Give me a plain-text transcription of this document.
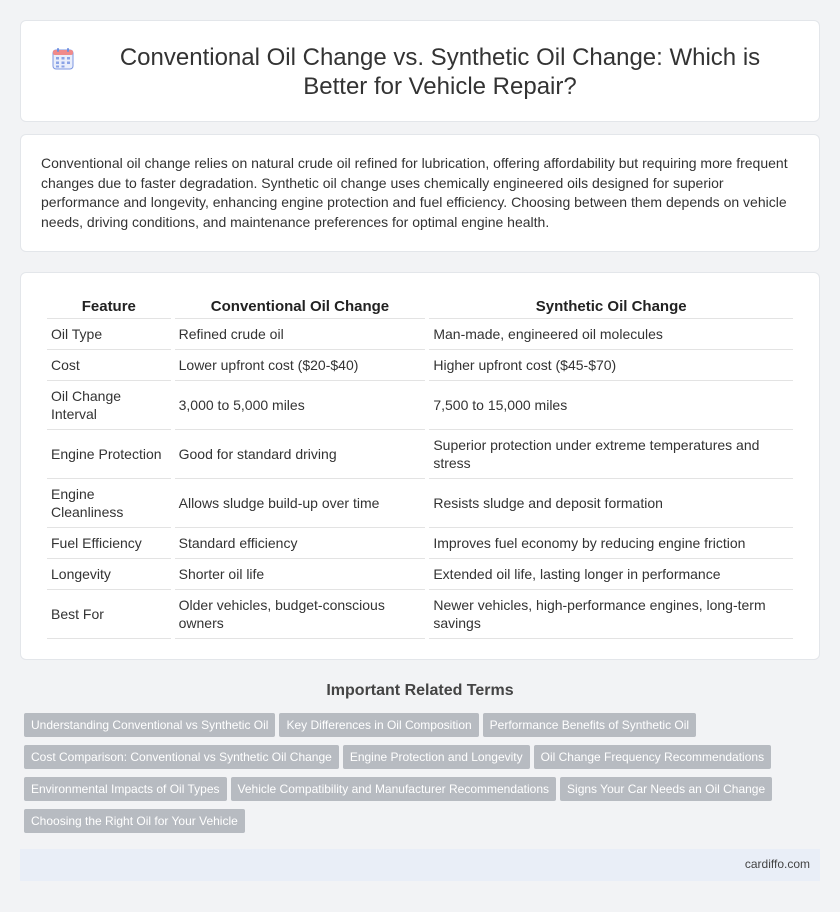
Conventional Oil Change vs. Synthetic Oil Change: Which is Better for Vehicle Repair?

Conventional oil change relies on natural crude oil refined for lubrication, offering affordability but requiring more frequent changes due to faster degradation. Synthetic oil change uses chemically engineered oils designed for superior performance and longevity, enhancing engine protection and fuel efficiency. Choosing between them depends on vehicle needs, driving conditions, and maintenance preferences for optimal engine health.

Feature	Conventional Oil Change	Synthetic Oil Change
Oil Type	Refined crude oil	Man-made, engineered oil molecules
Cost	Lower upfront cost ($20-$40)	Higher upfront cost ($45-$70)
Oil Change Interval	3,000 to 5,000 miles	7,500 to 15,000 miles
Engine Protection	Good for standard driving	Superior protection under extreme temperatures and stress
Engine Cleanliness	Allows sludge build-up over time	Resists sludge and deposit formation
Fuel Efficiency	Standard efficiency	Improves fuel economy by reducing engine friction
Longevity	Shorter oil life	Extended oil life, lasting longer in performance
Best For	Older vehicles, budget-conscious owners	Newer vehicles, high-performance engines, long-term savings
Important Related Terms
Understanding Conventional vs Synthetic Oil Key Differences in Oil Composition Performance Benefits of Synthetic Oil
Cost Comparison: Conventional vs Synthetic Oil Change Engine Protection and Longevity Oil Change Frequency Recommendations
Environmental Impacts of Oil Types Vehicle Compatibility and Manufacturer Recommendations Signs Your Car Needs an Oil Change
Choosing the Right Oil for Your Vehicle
cardiffo.com
